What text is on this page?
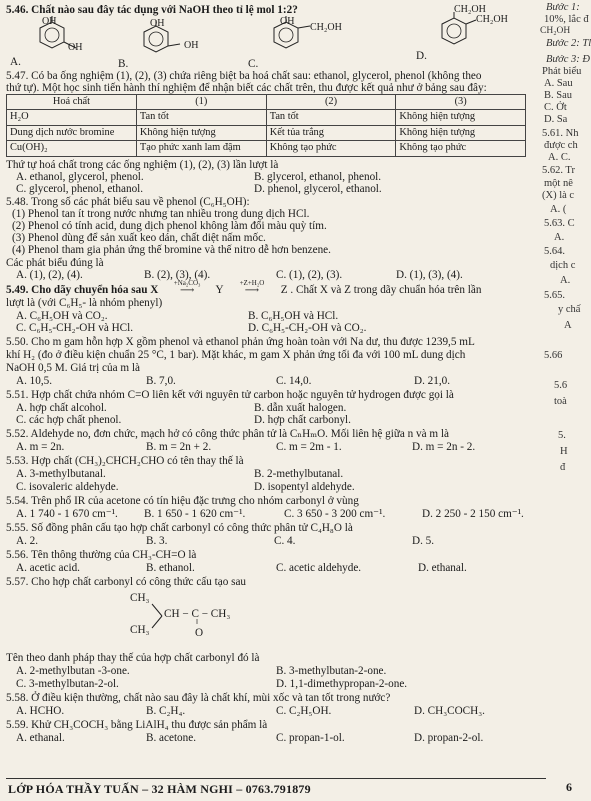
Bước 1:
10%, lắc đ
CH₂OH
Bước 2: Tl
Bước 3: Đ
Phát biểu
A. Sau
B. Sau
C. Ởt
D. Sa
5.61. Nh
được ch
A. C.
5.62. Tr
một nê
(X) là c
A. (
5.63. C
A.
5.64.
dịch c
A.
5.65.
y chấ
A
5.66
5.6
toà
5.
H
đ
5.46. Chất nào sau đây tác dụng với NaOH theo tỉ lệ mol 1:2?
OH
OH
A.
OH
OH
B.
OH
CH₂OH
C.
CH₂OH
CH₂OH
D.
5.47. Có ba ống nghiệm (1), (2), (3) chứa riêng biệt ba hoá chất sau: ethanol, glycerol, phenol (không theo
thứ tự). Một học sinh tiến hành thí nghiệm để nhận biết các chất trên, thu được kết quả như ở bảng sau đây:
Hoá chất	(1)	(2)	(3)
H₂O	Tan tốt	Tan tốt	Không hiện tượng
Dung dịch nước bromine	Không hiện tượng	Kết tủa trắng	Không hiện tượng
Cu(OH)₂	Tạo phức xanh lam đậm	Không tạo phức	Không tạo phức
Thứ tự hoá chất trong các ống nghiệm (1), (2), (3) lần lượt là
A. ethanol, glycerol, phenol.	B. glycerol, ethanol, phenol.
C. glycerol, phenol, ethanol.	D. phenol, glycerol, ethanol.
5.48. Trong số các phát biểu sau về phenol (C₆H₅OH):
(1) Phenol tan ít trong nước nhưng tan nhiều trong dung dịch HCl.
(2) Phenol có tính acid, dung dịch phenol không làm đổi màu quỳ tím.
(3) Phenol dùng để sản xuất keo dán, chất diệt nấm mốc.
(4) Phenol tham gia phản ứng thế bromine và thế nitro dễ hơn benzene.
Các phát biểu đúng là
A. (1), (2), (4).	B. (2), (3), (4).	C. (1), (2), (3).	D. (1), (3), (4).
5.49. Cho dãy chuyển hóa sau X
+Na₂CO₃
⟶ Y
+Z+H₂O
⟶ Z . Chất X và Z trong dãy chuẩn hóa trên lần
lượt là (với C₆H₅- là nhóm phenyl)
A. C₆H₅OH và CO₂.	B. C₆H₅OH và HCl.
C. C₆H₅-CH₂-OH và HCl.	D. C₆H₅-CH₂-OH và CO₂.
5.50. Cho m gam hỗn hợp X gồm phenol và ethanol phản ứng hoàn toàn với Na dư, thu được 1239,5 mL
khí H₂ (đo ở điều kiện chuẩn 25 °C, 1 bar). Mặt khác, m gam X phản ứng tối đa với 100 mL dung dịch
NaOH 0,5 M. Giá trị của m là
A. 10,5.	B. 7,0.	C. 14,0.	D. 21,0.
5.51. Hợp chất chứa nhóm C=O liên kết với nguyên tử carbon hoặc nguyên tử hydrogen được gọi là
A. hợp chất alcohol.	B. dẫn xuất halogen.
C. các hợp chất phenol.	D. hợp chất carbonyl.
5.52. Aldehyde no, đơn chức, mạch hở có công thức phân tử là CₙHₘO. Mối liên hệ giữa n và m là
A. m = 2n.	B. m = 2n + 2.	C. m = 2m - 1.	D. m = 2n - 2.
5.53. Hợp chất (CH₃)₂CHCH₂CHO có tên thay thế là
A. 3-methylbutanal.	B. 2-methylbutanal.
C. isovaleric aldehyde.	D. isopentyl aldehyde.
5.54. Trên phổ IR của acetone có tín hiệu đặc trưng cho nhóm carbonyl ở vùng
A. 1 740 - 1 670 cm⁻¹. B. 1 650 - 1 620 cm⁻¹.	C. 3 650 - 3 200 cm⁻¹.	D. 2 250 - 2 150 cm⁻¹.
5.55. Số đồng phân cấu tạo hợp chất carbonyl có công thức phân tử C₄H₈O là
A. 2.	B. 3.	C. 4.	D. 5.
5.56. Tên thông thường của CH₃-CH=O là
A. acetic acid.	B. ethanol.	C. acetic aldehyde.	D. ethanal.
5.57. Cho hợp chất carbonyl có công thức cấu tạo sau
CH₃
CH₃
CH − C − CH₃
‖
O
Tên theo danh pháp thay thế của hợp chất carbonyl đó là
A. 2-methylbutan -3-one.	B. 3-methylbutan-2-one.
C. 3-methylbutan-2-ol.	D. 1,1-dimethypropan-2-one.
5.58. Ở điều kiện thường, chất nào sau đây là chất khí, mùi xốc và tan tốt trong nước?
A. HCHO.	B. C₂H₄.	C. C₂H₅OH.	D. CH₃COCH₃.
5.59. Khử CH₃COCH₃ bằng LiAlH₄ thu được sản phẩm là
A. ethanal.	B. acetone.	C. propan-1-ol.	D. propan-2-ol.
LỚP HÓA THẦY TUẤN – 32 HÀM NGHI – 0763.791879	6
